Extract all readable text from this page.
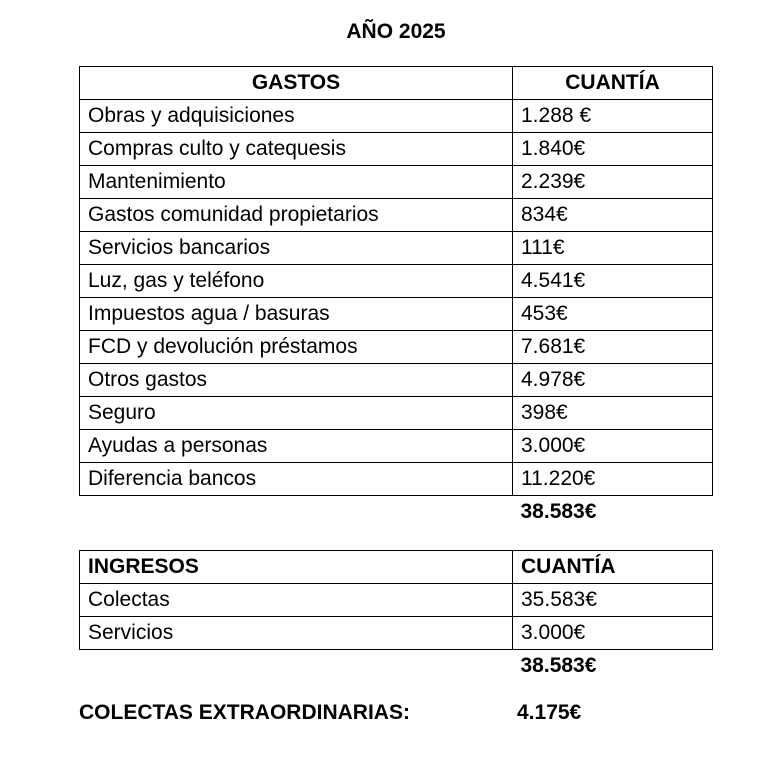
AÑO 2025
GASTOS	CUANTÍA
Obras y adquisiciones	1.288 €
Compras culto y catequesis	1.840€
Mantenimiento	2.239€
Gastos comunidad propietarios	834€
Servicios bancarios	111€
Luz, gas y teléfono	4.541€
Impuestos agua / basuras	453€
FCD y devolución préstamos	7.681€
Otros gastos	4.978€
Seguro	398€
Ayudas a personas	3.000€
Diferencia bancos	11.220€
	38.583€
INGRESOS	CUANTÍA
Colectas	35.583€
Servicios	3.000€
	38.583€
COLECTAS EXTRAORDINARIAS:	4.175€
